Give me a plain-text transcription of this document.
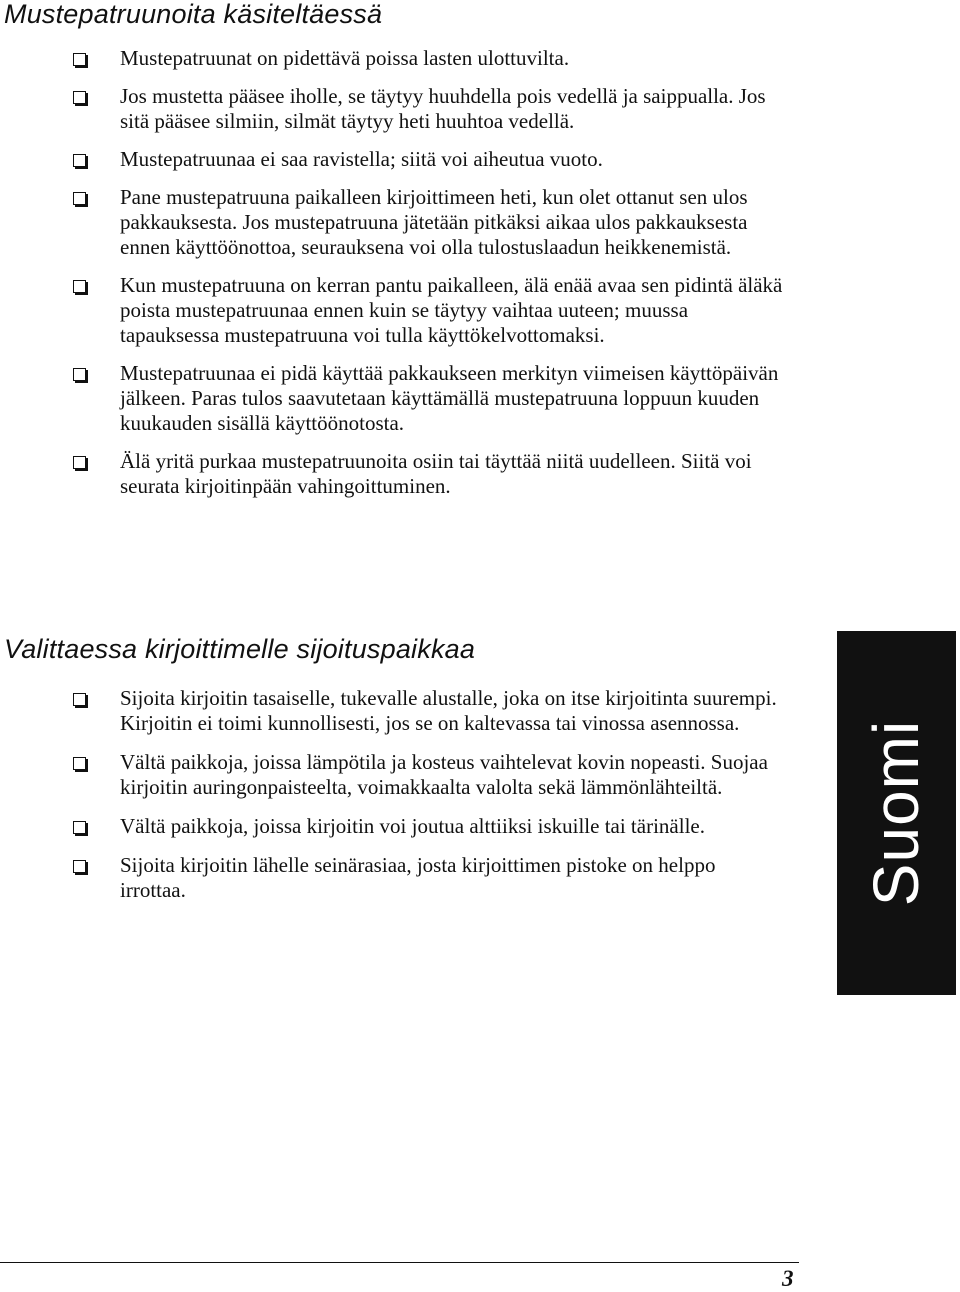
Mustepatruunoita käsiteltäessä
Mustepatruunat on pidettävä poissa lasten ulottuvilta.
Jos mustetta pääsee iholle, se täytyy huuhdella pois vedellä ja saippualla. Jos sitä pääsee silmiin, silmät täytyy heti huuhtoa vedellä.
Mustepatruunaa ei saa ravistella; siitä voi aiheutua vuoto.
Pane mustepatruuna paikalleen kirjoittimeen heti, kun olet ottanut sen ulos pakkauksesta. Jos mustepatruuna jätetään pitkäksi aikaa ulos pakkauksesta ennen käyttöönottoa, seurauksena voi olla tulostuslaadun heikkenemistä.
Kun mustepatruuna on kerran pantu paikalleen, älä enää avaa sen pidintä äläkä poista mustepatruunaa ennen kuin se täytyy vaihtaa uuteen; muussa tapauksessa mustepatruuna voi tulla käyttökelvottomaksi.
Mustepatruunaa ei pidä käyttää pakkaukseen merkityn viimeisen käyttöpäivän jälkeen. Paras tulos saavutetaan käyttämällä mustepatruuna loppuun kuuden kuukauden sisällä käyttöönotosta.
Älä yritä purkaa mustepatruunoita osiin tai täyttää niitä uudelleen. Siitä voi seurata kirjoitinpään vahingoittuminen.
Valittaessa kirjoittimelle sijoituspaikkaa
Sijoita kirjoitin tasaiselle, tukevalle alustalle, joka on itse kirjoitinta suurempi. Kirjoitin ei toimi kunnollisesti, jos se on kaltevassa tai vinossa asennossa.
Vältä paikkoja, joissa lämpötila ja kosteus vaihtelevat kovin nopeasti. Suojaa kirjoitin auringonpaisteelta, voimakkaalta valolta sekä lämmönlähteiltä.
Vältä paikkoja, joissa kirjoitin voi joutua alttiiksi iskuille tai tärinälle.
Sijoita kirjoitin lähelle seinärasiaa, josta kirjoittimen pistoke on helppo irrottaa.	Suomi
3
